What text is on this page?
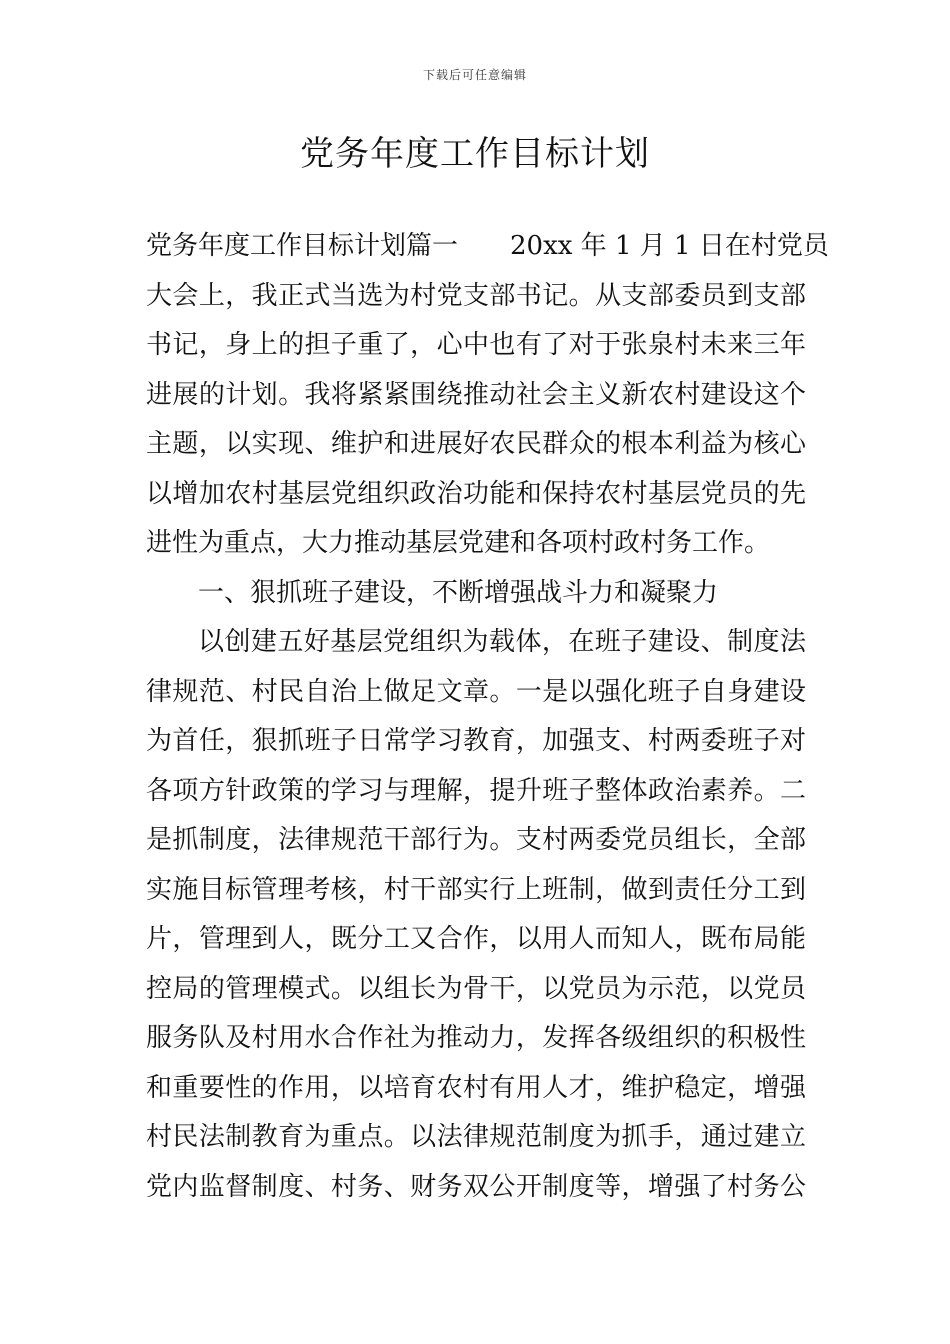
下载后可任意编辑
党务年度工作目标计划
党务年度工作目标计划篇一　　20xx 年 1 月 1 日在村党员
大会上，我正式当选为村党支部书记。从支部委员到支部
书记，身上的担子重了，心中也有了对于张泉村未来三年
进展的计划。我将紧紧围绕推动社会主义新农村建设这个
主题，以实现、维护和进展好农民群众的根本利益为核心
以增加农村基层党组织政治功能和保持农村基层党员的先
进性为重点，大力推动基层党建和各项村政村务工作。
一、狠抓班子建设，不断增强战斗力和凝聚力
以创建五好基层党组织为载体，在班子建设、制度法
律规范、村民自治上做足文章。一是以强化班子自身建设
为首任，狠抓班子日常学习教育，加强支、村两委班子对
各项方针政策的学习与理解，提升班子整体政治素养。二
是抓制度，法律规范干部行为。支村两委党员组长，全部
实施目标管理考核，村干部实行上班制，做到责任分工到
片，管理到人，既分工又合作，以用人而知人，既布局能
控局的管理模式。以组长为骨干，以党员为示范，以党员
服务队及村用水合作社为推动力，发挥各级组织的积极性
和重要性的作用，以培育农村有用人才，维护稳定，增强
村民法制教育为重点。以法律规范制度为抓手，通过建立
党内监督制度、村务、财务双公开制度等，增强了村务公
